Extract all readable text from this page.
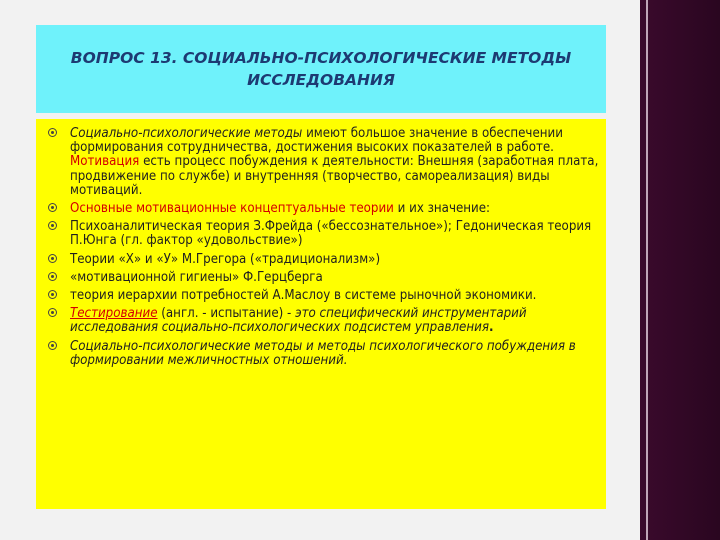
ВОПРОС 13. СОЦИАЛЬНО-ПСИХОЛОГИЧЕСКИЕ МЕТОДЫ
ИССЛЕДОВАНИЯ
Социально-психологические методы имеют большое значение в обеспечении формирования сотрудничества, достижения высоких показателей в работе. Мотивация есть процесс побуждения к деятельности: Внешняя (заработная плата, продвижение по службе) и внутренняя (творчество, самореализация) виды мотиваций.
Основные мотивационные концептуальные теории и их значение:
Психоаналитическая теория З.Фрейда («бессознательное»); Гедоническая теория П.Юнга (гл. фактор «удовольствие»)
Теории «Х» и «У» М.Грегора («традиционализм»)
«мотивационной гигиены» Ф.Герцберга
теория иерархии потребностей А.Маслоу в системе рыночной экономики.
Тестирование (англ. - испытание) - это специфический инструментарий исследования социально-психологических подсистем управления.
Социально-психологические методы и методы психологического побуждения в формировании межличностных отношений.
